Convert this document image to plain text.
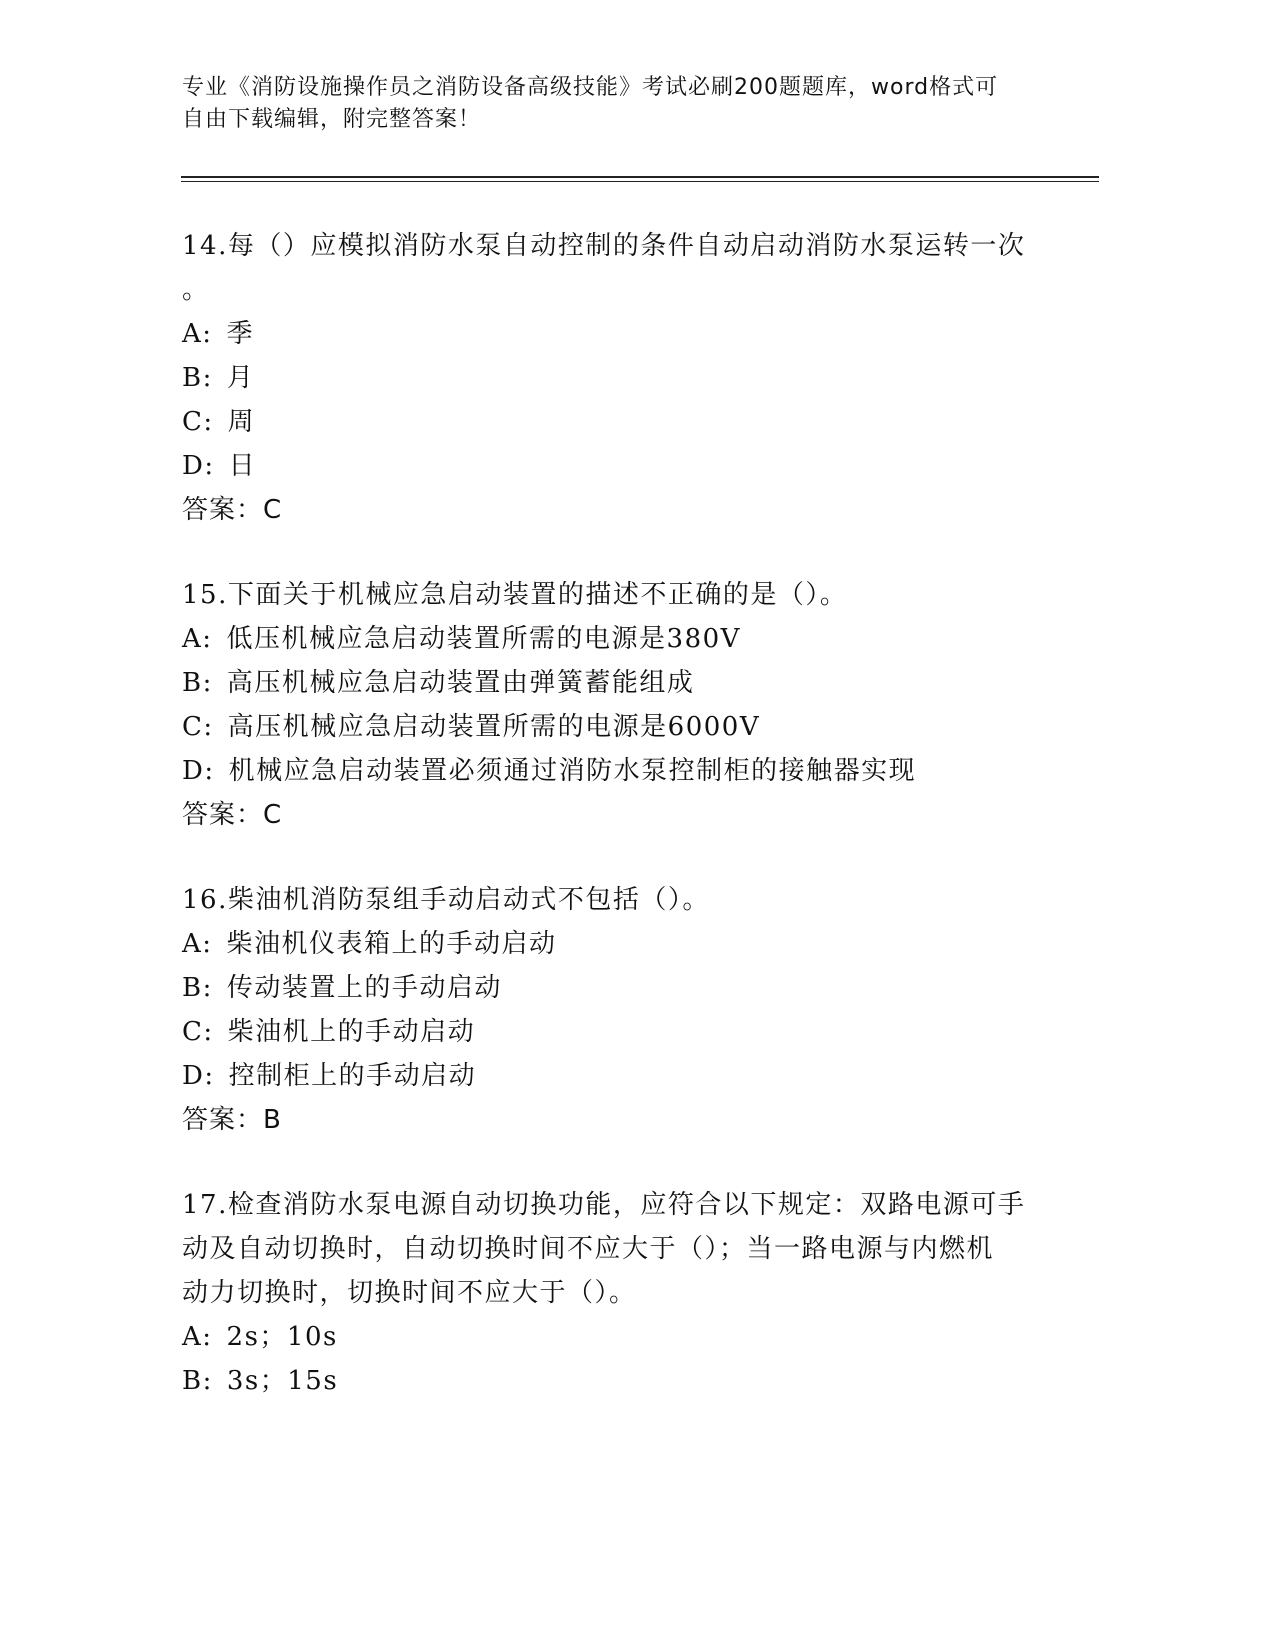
专业《消防设施操作员之消防设备高级技能》考试必刷200题题库，word格式可
自由下载编辑，附完整答案！
14.每（）应模拟消防水泵自动控制的条件自动启动消防水泵运转一次
。
A: 季
B: 月
C: 周
D: 日
答案：C
15.下面关于机械应急启动装置的描述不正确的是（）。
A: 低压机械应急启动装置所需的电源是380V
B: 高压机械应急启动装置由弹簧蓄能组成
C: 高压机械应急启动装置所需的电源是6000V
D: 机械应急启动装置必须通过消防水泵控制柜的接触器实现
答案：C
16.柴油机消防泵组手动启动式不包括（）。
A: 柴油机仪表箱上的手动启动
B: 传动装置上的手动启动
C: 柴油机上的手动启动
D: 控制柜上的手动启动
答案：B
17.检查消防水泵电源自动切换功能，应符合以下规定：双路电源可手
动及自动切换时，自动切换时间不应大于（）；当一路电源与内燃机
动力切换时，切换时间不应大于（）。
A: 2s；10s
B: 3s；15s
